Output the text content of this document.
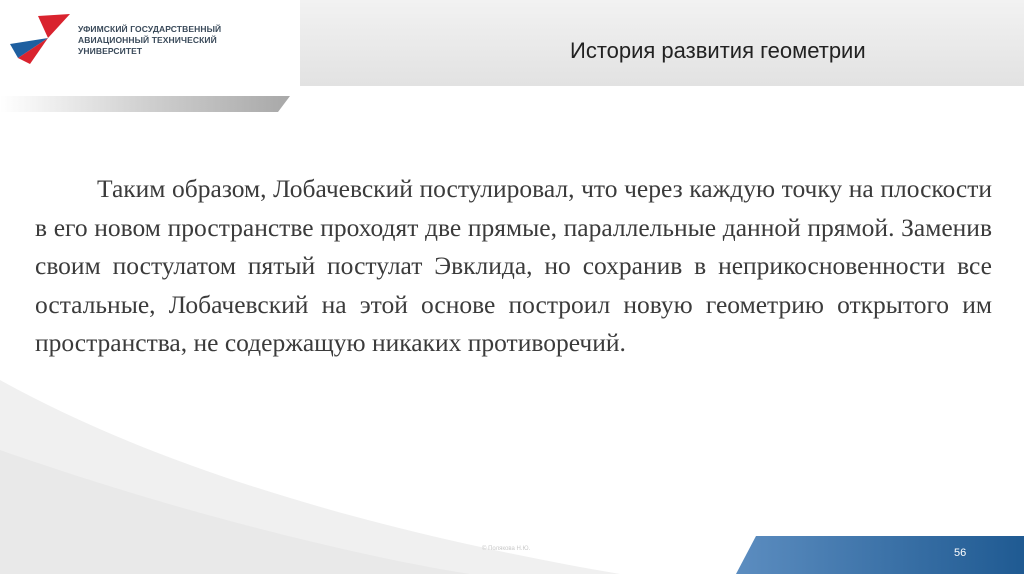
УФИМСКИЙ ГОСУДАРСТВЕННЫЙ
АВИАЦИОННЫЙ ТЕХНИЧЕСКИЙ
УНИВЕРСИТЕТ	История развития геометрии
Таким образом, Лобачевский постулировал, что через каждую точку на плоскости в его новом пространстве проходят две прямые, параллельные данной прямой. Заменив своим постулатом пятый постулат Эвклида, но сохранив в неприкосновенности все остальные, Лобачевский на этой основе построил новую геометрию открытого им пространства, не содержащую никаких противоречий.
© Полякова Н.Ю.	56
